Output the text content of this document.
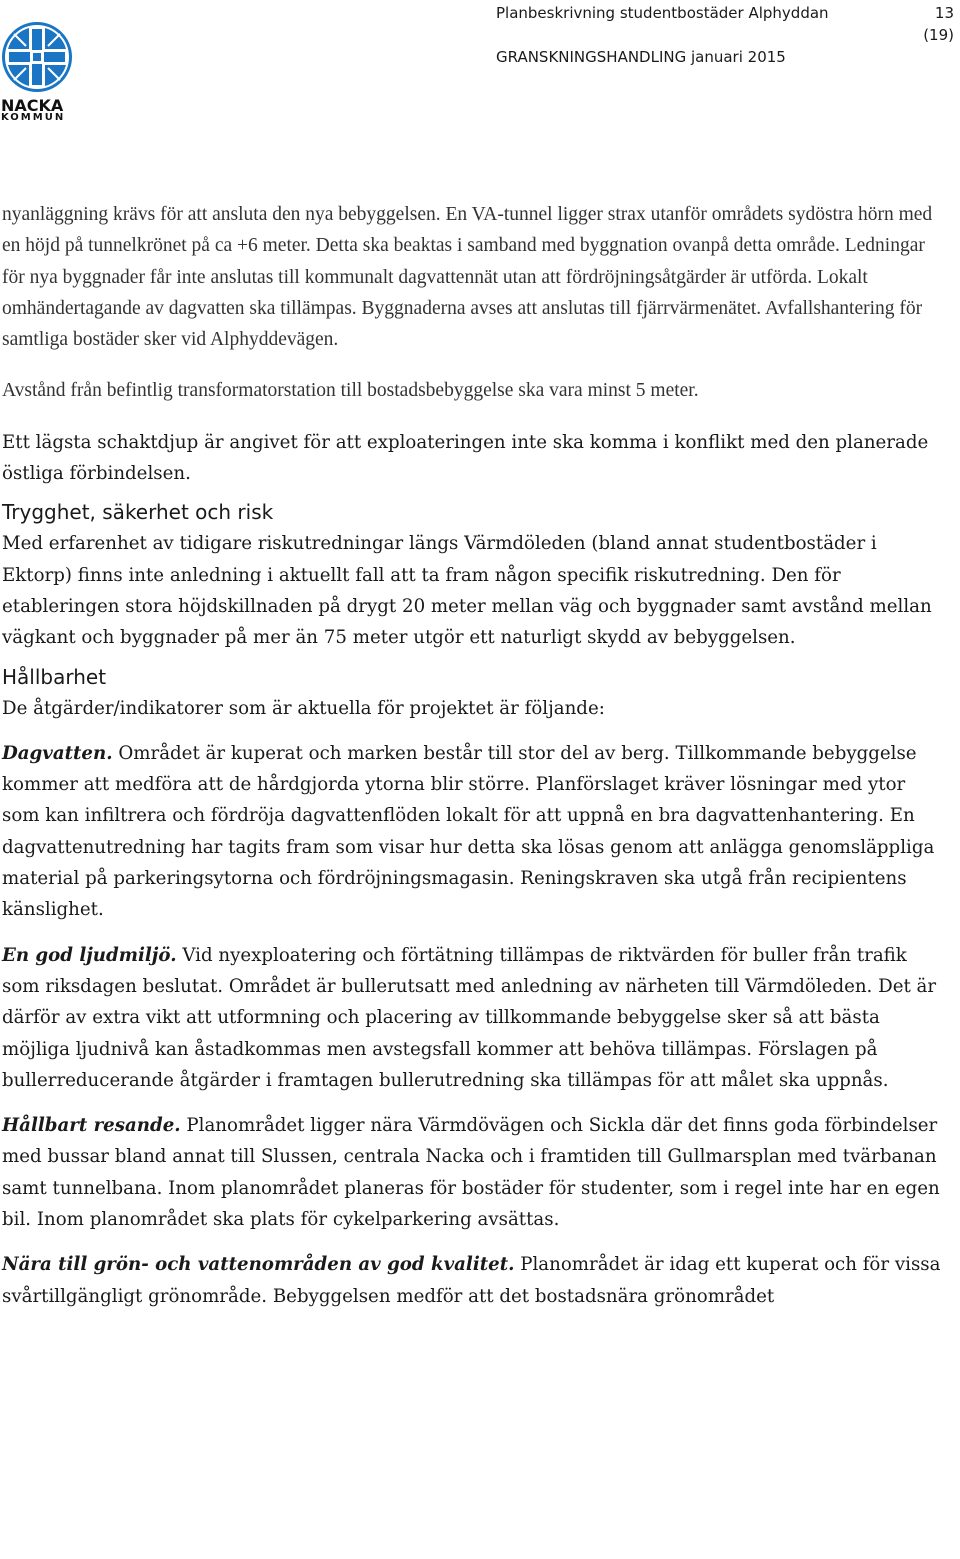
NACKA
KOMMUN
Planbeskrivning studentbostäder Alphyddan	13 (19)
GRANSKNINGSHANDLING januari 2015

nyanläggning krävs för att ansluta den nya bebyggelsen. En VA-tunnel ligger strax utanför områdets sydöstra hörn med en höjd på tunnelkrönet på ca +6 meter. Detta ska beaktas i samband med byggnation ovanpå detta område. Ledningar för nya byggnader får inte anslutas till kommunalt dagvattennät utan att fördröjningsåtgärder är utförda. Lokalt omhändertagande av dagvatten ska tillämpas. Byggnaderna avses att anslutas till fjärrvärmenätet. Avfallshantering för samtliga bostäder sker vid Alphyddevägen.

Avstånd från befintlig transformatorstation till bostadsbebyggelse ska vara minst 5 meter.

Ett lägsta schaktdjup är angivet för att exploateringen inte ska komma i konflikt med den planerade östliga förbindelsen.

Trygghet, säkerhet och risk

Med erfarenhet av tidigare riskutredningar längs Värmdöleden (bland annat studentbostäder i Ektorp) finns inte anledning i aktuellt fall att ta fram någon specifik riskutredning. Den för etableringen stora höjdskillnaden på drygt 20 meter mellan väg och byggnader samt avstånd mellan vägkant och byggnader på mer än 75 meter utgör ett naturligt skydd av bebyggelsen.

Hållbarhet

De åtgärder/indikatorer som är aktuella för projektet är följande:

Dagvatten. Området är kuperat och marken består till stor del av berg. Tillkommande bebyggelse kommer att medföra att de hårdgjorda ytorna blir större. Planförslaget kräver lösningar med ytor som kan infiltrera och fördröja dagvattenflöden lokalt för att uppnå en bra dagvattenhantering. En dagvattenutredning har tagits fram som visar hur detta ska lösas genom att anlägga genomsläppliga material på parkeringsytorna och fördröjningsmagasin. Reningskraven ska utgå från recipientens känslighet.

En god ljudmiljö. Vid nyexploatering och förtätning tillämpas de riktvärden för buller från trafik som riksdagen beslutat. Området är bullerutsatt med anledning av närheten till Värmdöleden. Det är därför av extra vikt att utformning och placering av tillkommande bebyggelse sker så att bästa möjliga ljudnivå kan åstadkommas men avstegsfall kommer att behöva tillämpas. Förslagen på bullerreducerande åtgärder i framtagen bullerutredning ska tillämpas för att målet ska uppnås.

Hållbart resande. Planområdet ligger nära Värmdövägen och Sickla där det finns goda förbindelser med bussar bland annat till Slussen, centrala Nacka och i framtiden till Gullmarsplan med tvärbanan samt tunnelbana. Inom planområdet planeras för bostäder för studenter, som i regel inte har en egen bil. Inom planområdet ska plats för cykelparkering avsättas.

Nära till grön- och vattenområden av god kvalitet. Planområdet är idag ett kuperat och för vissa svårtillgängligt grönområde. Bebyggelsen medför att det bostadsnära grönområdet
